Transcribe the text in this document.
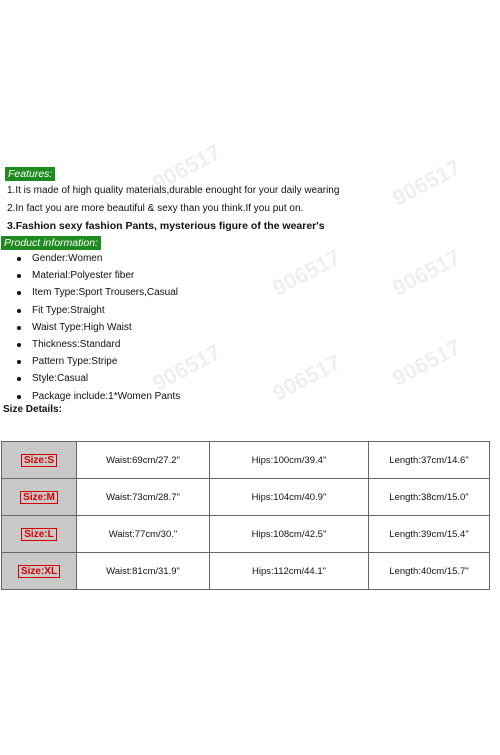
906517	906517
906517 906517
906517 906517 906517
Features:
1.It is made of high quality materials,durable enought for your daily wearing
2.In fact you are more beautiful & sexy than you think.If you put on.
3.Fashion sexy fashion Pants, mysterious figure of the wearer's
Product information:
Gender:Women
Material:Polyester fiber
Item Type:Sport Trousers,Casual
Fit Type:Straight
Waist Type:High Waist
Thickness:Standard
Pattern Type:Stripe
Style:Casual
Package include:1*Women Pants
Size Details:
Size:S	Waist:69cm/27.2"	Hips:100cm/39.4"	Length:37cm/14.6"
Size:M	Waist:73cm/28.7"	Hips:104cm/40.9"	Length:38cm/15.0"
Size:L	Waist:77cm/30."	Hips:108cm/42.5"	Length:39cm/15.4"
Size:XL	Waist:81cm/31.9"	Hips:112cm/44.1"	Length:40cm/15.7"
